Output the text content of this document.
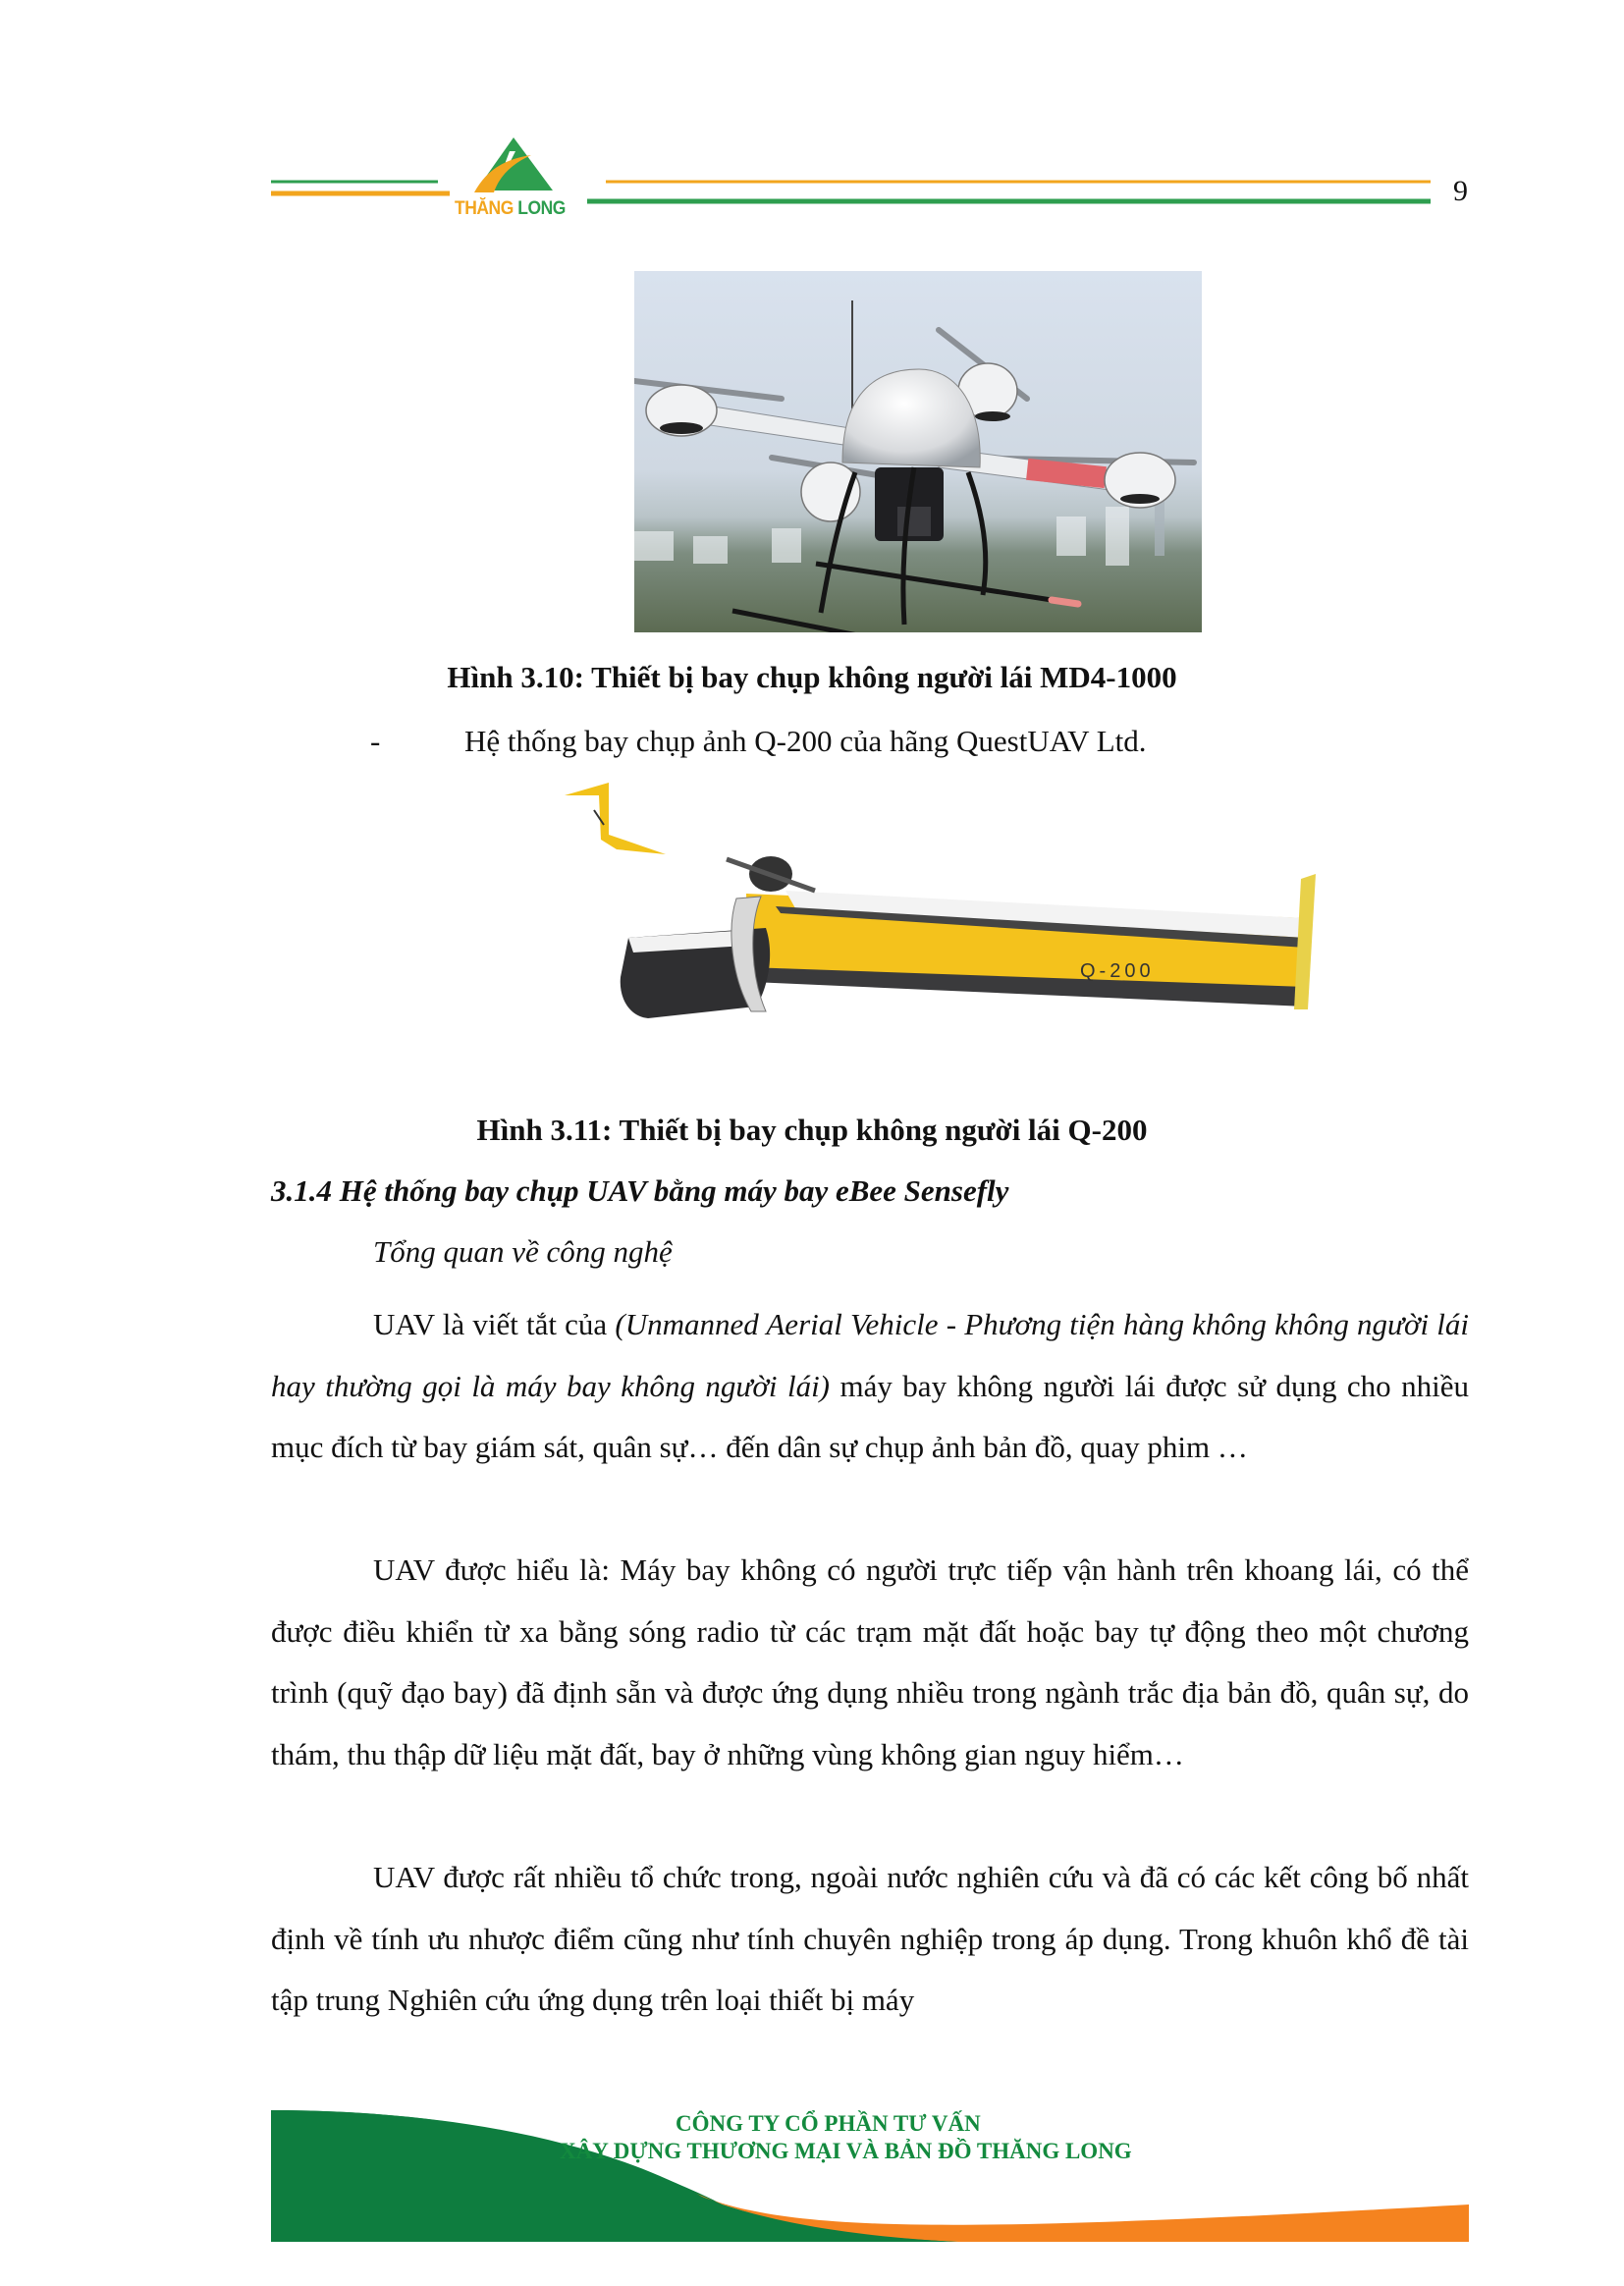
THĂNG LONG
9
Hình 3.10: Thiết bị bay chụp không người lái MD4-1000
-	Hệ thống bay chụp ảnh Q-200 của hãng QuestUAV Ltd.
Q-200
Hình 3.11: Thiết bị bay chụp không người lái Q-200
3.1.4 Hệ thống bay chụp UAV bằng máy bay eBee Sensefly
Tổng quan về công nghệ
UAV là viết tắt của (Unmanned Aerial Vehicle - Phương tiện hàng không không người lái hay thường gọi là máy bay không người lái) máy bay không người lái được sử dụng cho nhiều mục đích từ bay giám sát, quân sự… đến dân sự chụp ảnh bản đồ, quay phim …
UAV được hiểu là: Máy bay không có người trực tiếp vận hành trên khoang lái, có thể được điều khiển từ xa bằng sóng radio từ các trạm mặt đất hoặc bay tự động theo một chương trình (quỹ đạo bay) đã định sẵn và được ứng dụng nhiều trong ngành trắc địa bản đồ, quân sự, do thám, thu thập dữ liệu mặt đất, bay ở những vùng không gian nguy hiểm…
UAV được rất nhiều tổ chức trong, ngoài nước nghiên cứu và đã có các kết công bố nhất định về tính ưu nhược điểm cũng như tính chuyên nghiệp trong áp dụng. Trong khuôn khổ đề tài tập trung Nghiên cứu ứng dụng trên loại thiết bị máy
CÔNG TY CỔ PHẦN TƯ VẤN
XÂY DỰNG THƯƠNG MẠI VÀ BẢN ĐỒ THĂNG LONG
